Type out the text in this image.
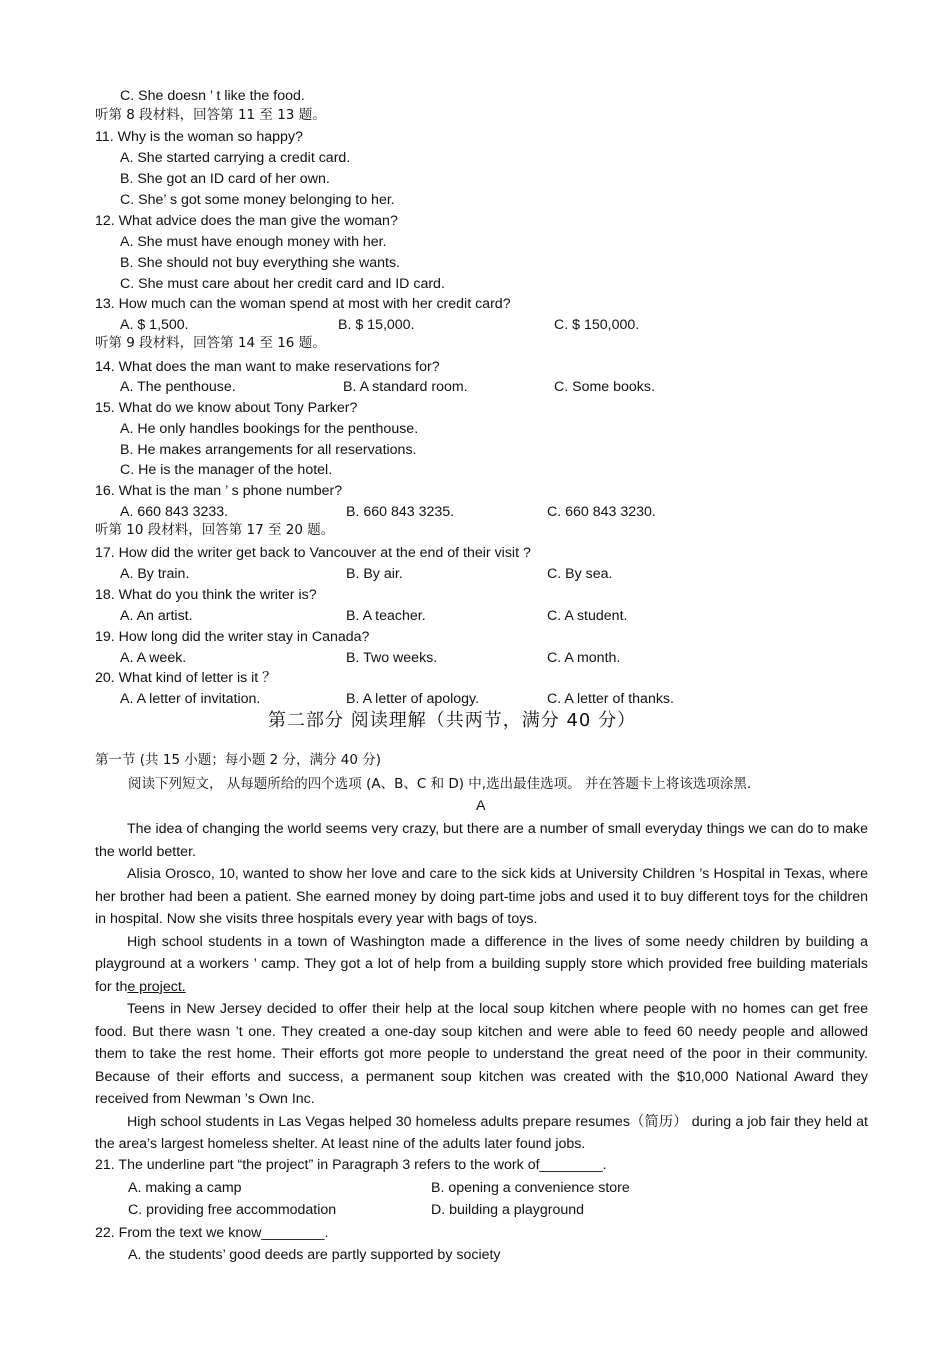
C. She doesn ’ t like the food.
听第 8 段材料，回答第 11 至 13 题。
11. Why is the woman so happy?
A. She started carrying a credit card.
B. She got an ID card of her own.
C. She’ s got some money belonging to her.
12. What advice does the man give the woman?
A. She must have enough money with her.
B. She should not buy everything she wants.
C. She must care about her credit card and ID card.
13. How much can the woman spend at most with her credit card?
A. $ 1,500.	B. $ 15,000.	C. $ 150,000.
听第 9 段材料，回答第 14 至 16 题。
14. What does the man want to make reservations for?
A. The penthouse.	B. A standard room.	C. Some books.
15. What do we know about Tony Parker?
A. He only handles bookings for the penthouse.
B. He makes arrangements for all reservations.
C. He is the manager of the hotel.
16. What is the man ’ s phone number?
A. 660 843 3233.	B. 660 843 3235.	C. 660 843 3230.
听第 10 段材料，回答第 17 至 20 题。
17. How did the writer get back to Vancouver at the end of their visit ?
A. By train.	B. By air.	C. By sea.
18. What do you think the writer is?
A. An artist.	B. A teacher.	C. A student.
19. How long did the writer stay in Canada?
A. A week.	B. Two weeks.	C. A month.
20. What kind of letter is it ？
A. A letter of invitation.	B. A letter of apology.	C. A letter of thanks.
第二部分 阅读理解（共两节，满分 40 分）
第一节 (共 15 小题；每小题 2 分，满分 40 分)
阅读下列短文， 从每题所给的四个选项 (A、B、C 和 D) 中,选出最佳选项。 并在答题卡上将该选项涂黑.
A

The idea of changing the world seems very crazy, but there are a number of small everyday things we can do to make the world better.

Alisia Orosco, 10, wanted to show her love and care to the sick kids at University Children ’s Hospital in Texas, where her brother had been a patient. She earned money by doing part-time jobs and used it to buy different toys for the children in hospital. Now she visits three hospitals every year with bags of toys.

High school students in a town of Washington made a difference in the lives of some needy children by building a playground at a workers ’ camp. They got a lot of help from a building supply store which provided free building materials for the project.

Teens in New Jersey decided to offer their help at the local soup kitchen where people with no homes can get free food. But there wasn ’t one. They created a one-day soup kitchen and were able to feed 60 needy people and allowed them to take the rest home. Their efforts got more people to understand the great need of the poor in their community. Because of their efforts and success, a permanent soup kitchen was created with the $10,000 National Award they received from Newman ’s Own Inc.

High school students in Las Vegas helped 30 homeless adults prepare resumes（简历） during a job fair they held at the area’s largest homeless shelter. At least nine of the adults later found jobs.

21. The underline part “the project” in Paragraph 3 refers to the work of________.
A. making a camp	B. opening a convenience store
C. providing free accommodation	D. building a playground
22. From the text we know________.
A. the students’ good deeds are partly supported by society
